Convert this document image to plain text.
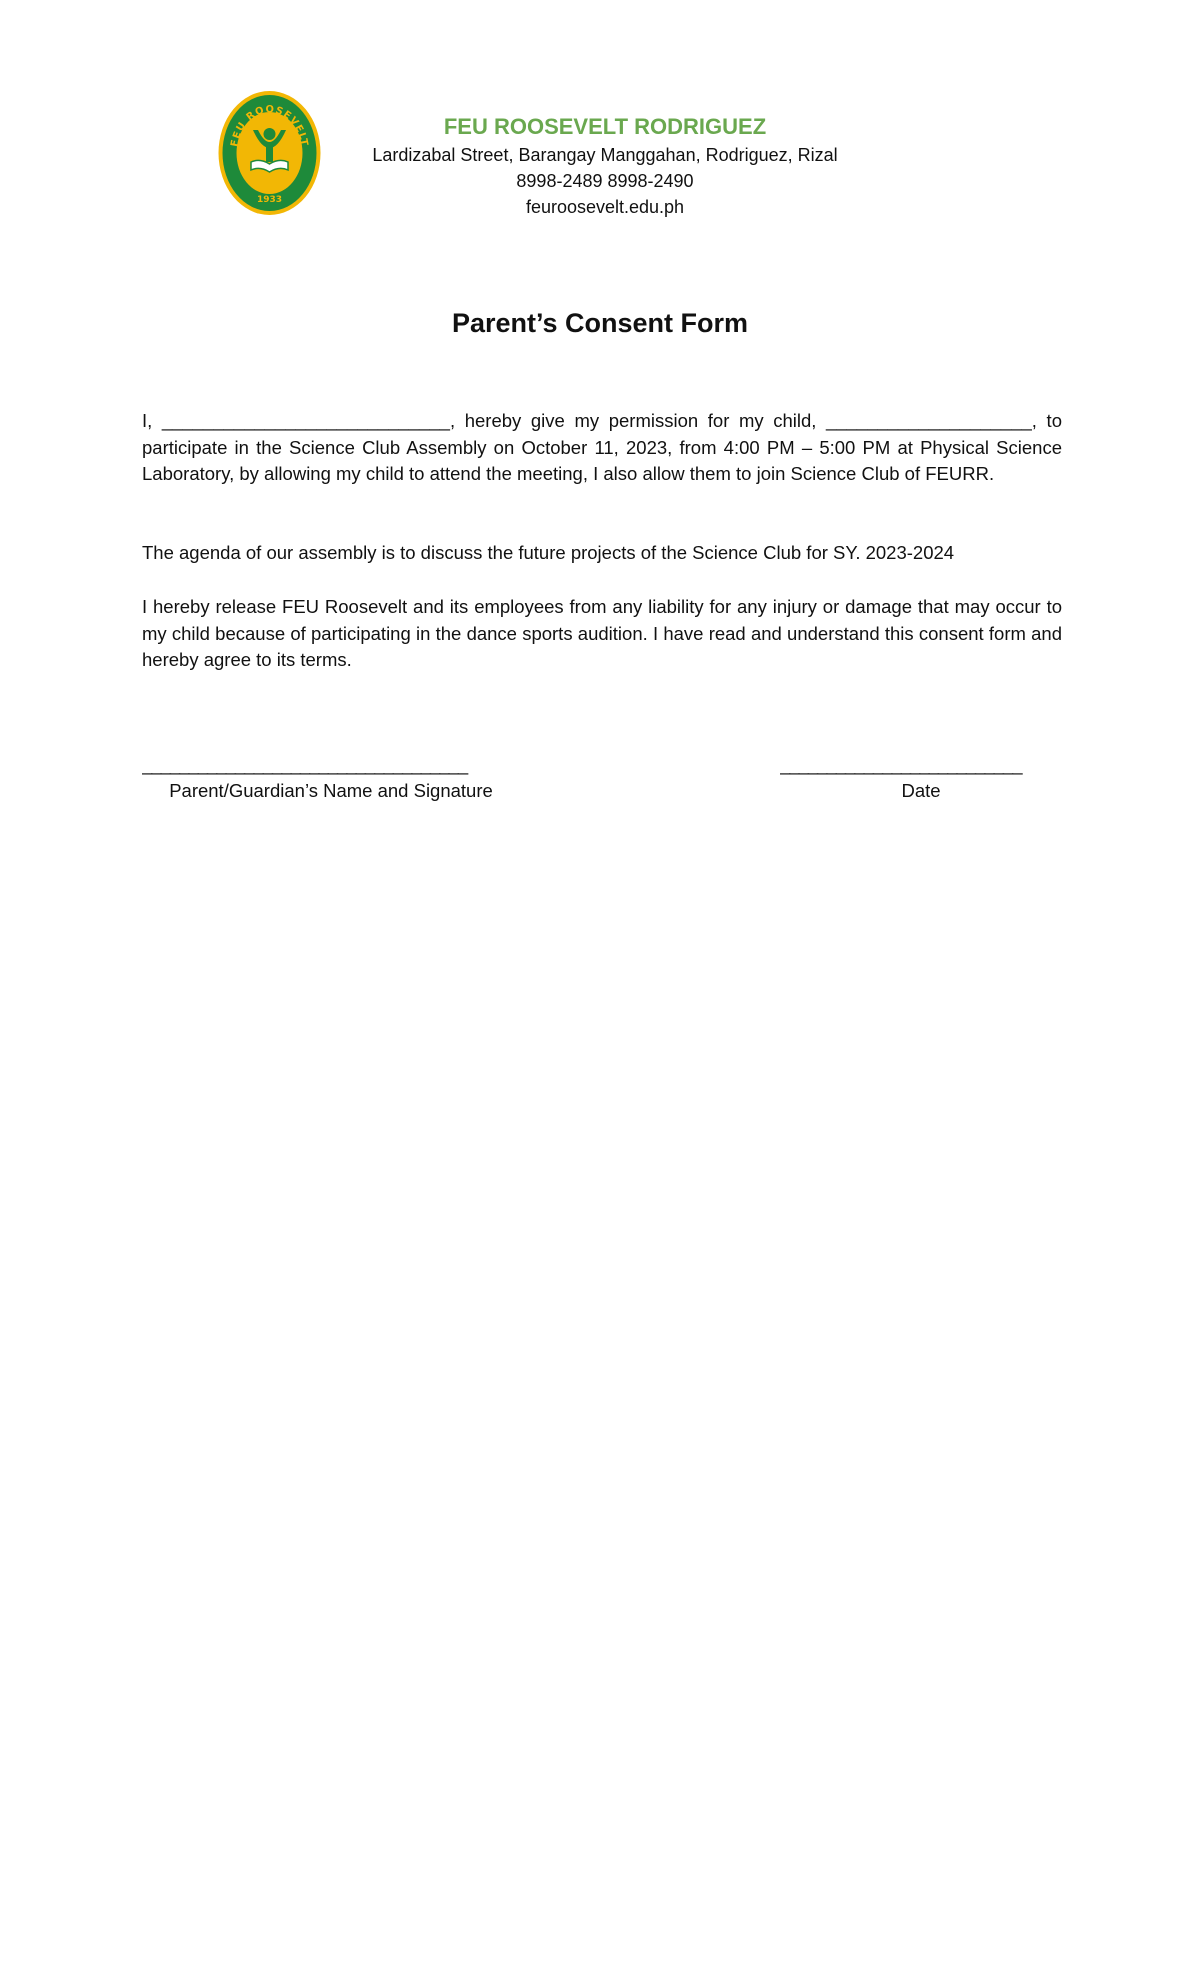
FEU ROOSEVELT
1933
FEU ROOSEVELT RODRIGUEZ
Lardizabal Street, Barangay Manggahan, Rodriguez, Rizal
8998-2489 8998-2490
feuroosevelt.edu.ph
Parent’s Consent Form
I, ____________________________, hereby give my permission for my child, ____________________, to participate in the Science Club Assembly on October 11, 2023, from 4:00 PM – 5:00 PM at Physical Science Laboratory, by allowing my child to attend the meeting, I also allow them to join Science Club of FEURR.
The agenda of our assembly is to discuss the future projects of the Science Club for SY. 2023-2024
I hereby release FEU Roosevelt and its employees from any liability for any injury or damage that may occur to my child because of participating in the dance sports audition. I have read and understand this consent form and hereby agree to its terms.
___________________________________
Parent/Guardian’s Name and Signature
__________________________
Date
